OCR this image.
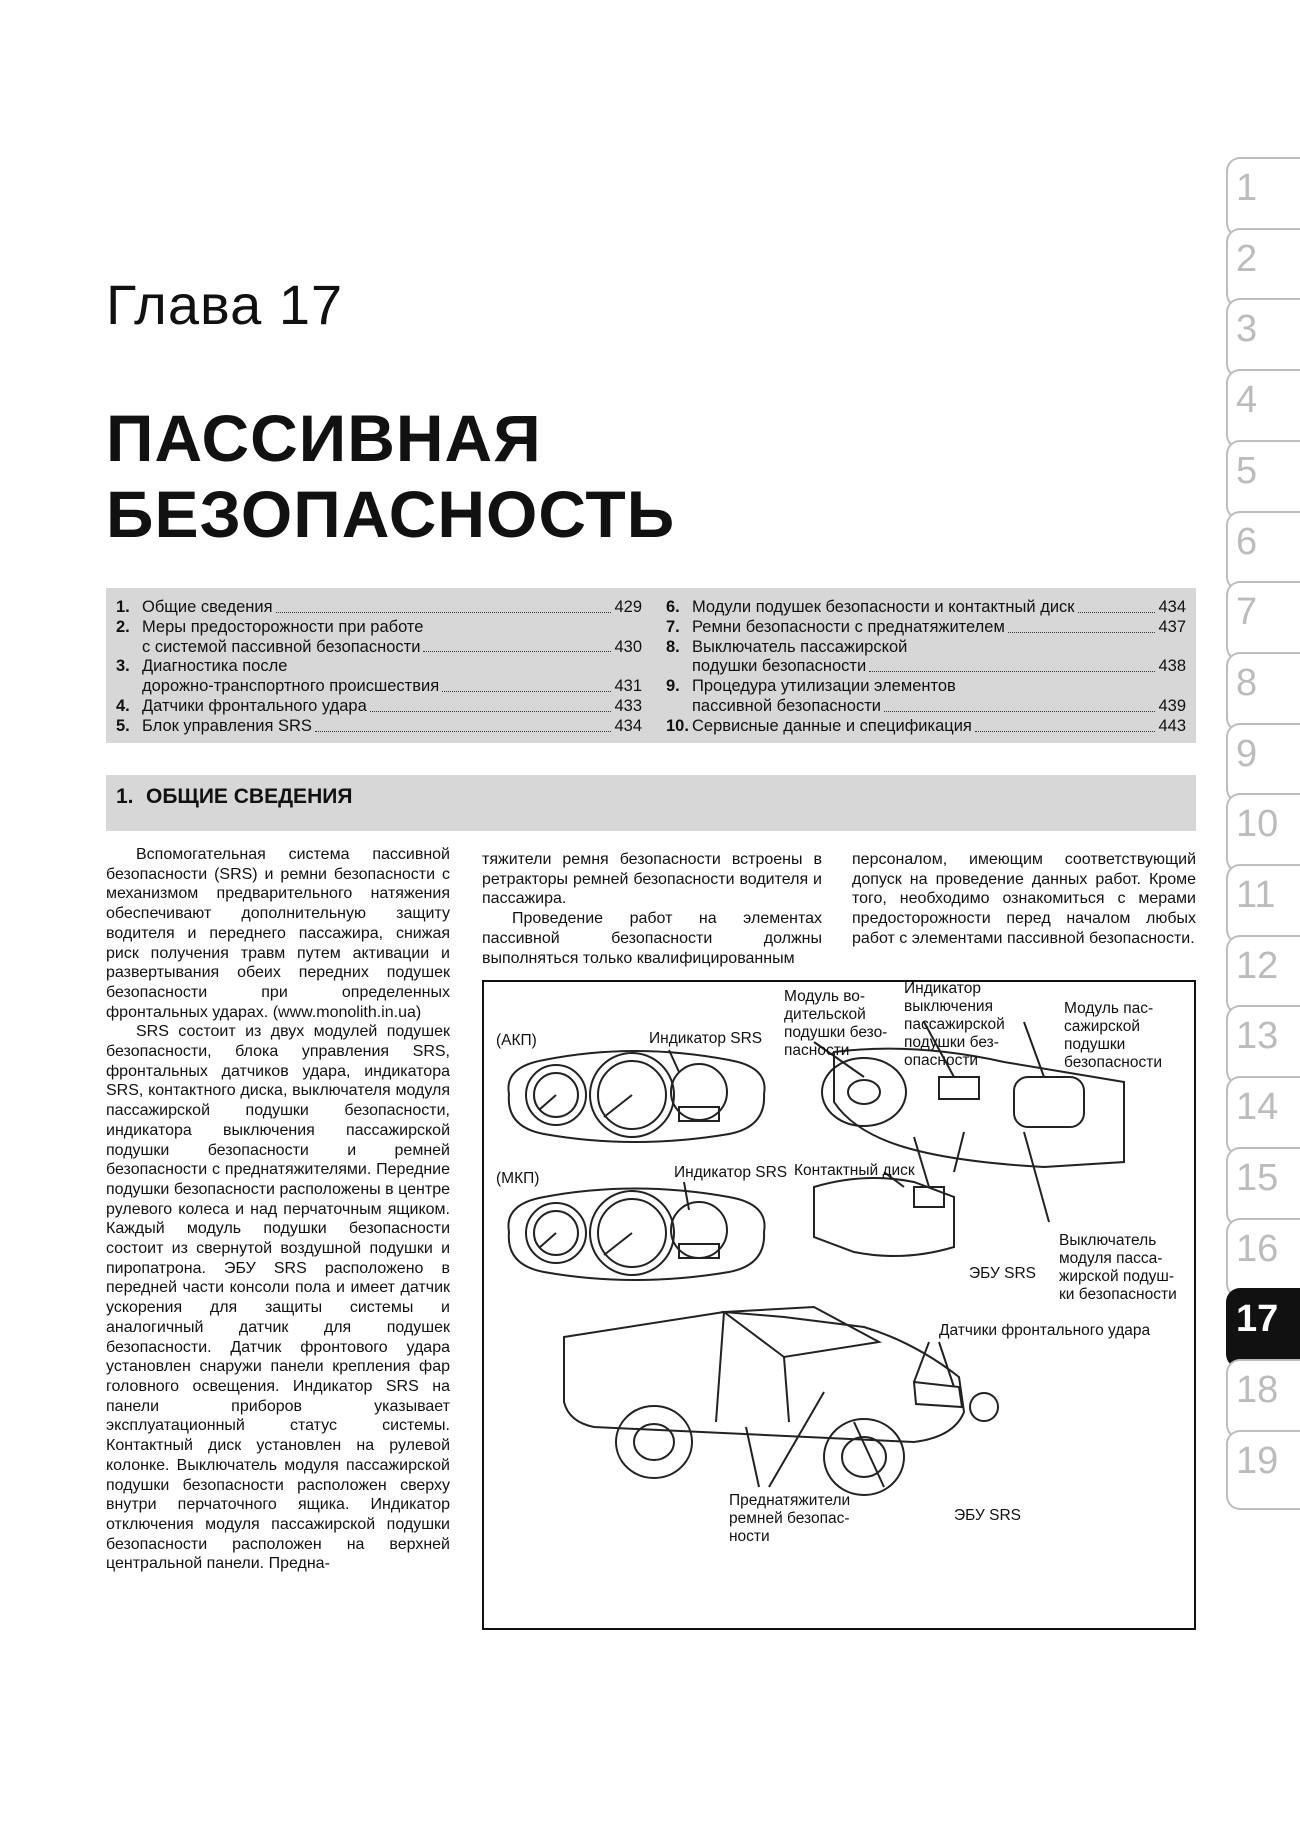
Глава 17
ПАССИВНАЯ
БЕЗОПАСНОСТЬ
1. Общие сведения	429
2. Меры предосторожности при работе
с системой пассивной безопасности	430
3. Диагностика после
дорожно-транспортного происшествия	431
4. Датчики фронтального удара	433
5. Блок управления SRS	434
6. Модули подушек безопасности и контактный диск	434
7. Ремни безопасности с преднатяжителем	437
8. Выключатель пассажирской
подушки безопасности	438
9. Процедура утилизации элементов
пассивной безопасности	439
10. Сервисные данные и спецификация	443
1. ОБЩИЕ СВЕДЕНИЯ

Вспомогательная система пассивной безопасности (SRS) и ремни безопасности с механизмом предварительного натяжения обеспечивают дополнительную защиту водителя и переднего пассажира, снижая риск получения травм путем активации и развертывания обеих передних подушек безопасности при определенных фронтальных ударах. (www.monolith.in.ua)

SRS состоит из двух модулей подушек безопасности, блока управления SRS, фронтальных датчиков удара, индикатора SRS, контактного диска, выключателя модуля пассажирской подушки безопасности, индикатора выключения пассажирской подушки безопасности и ремней безопасности с преднатяжителями. Передние подушки безопасности расположены в центре рулевого колеса и над перчаточным ящиком. Каждый модуль подушки безопасности состоит из свернутой воздушной подушки и пиропатрона. ЭБУ SRS расположено в передней части консоли пола и имеет датчик ускорения для защиты системы и аналогичный датчик для подушек безопасности. Датчик фронтового удара установлен снаружи панели крепления фар головного освещения. Индикатор SRS на панели приборов указывает эксплуатационный статус системы. Контактный диск установлен на рулевой колонке. Выключатель модуля пассажирской подушки безопасности расположен сверху внутри перчаточного ящика. Индикатор отключения модуля пассажирской подушки безопасности расположен на верхней центральной панели. Предна-

тяжители ремня безопасности встроены в ретракторы ремней безопасности водителя и пассажира.

Проведение работ на элементах пассивной безопасности должны выполняться только квалифицированным

персоналом, имеющим соответствующий допуск на проведение данных работ. Кроме того, необходимо ознакомиться с мерами предосторожности перед началом любых работ с элементами пассивной безопасности.

(АКП)	Индикатор SRS
(МКП)	Индикатор SRS
Модуль во-
дительской
подушки безо-
пасности
Индикатор
выключения
пассажирской
подушки без-
опасности
Модуль пас-
сажирской
подушки
безопасности
Контактный диск
Выключатель
модуля пасса-
жирской подуш-
ки безопасности
ЭБУ SRS
Датчики фронтального удара
Преднатяжители
ремней безопас-
ности
ЭБУ SRS
1
2
3
4
5
6
7
8
9
10
11
12
13
14
15
16
17
18
19
